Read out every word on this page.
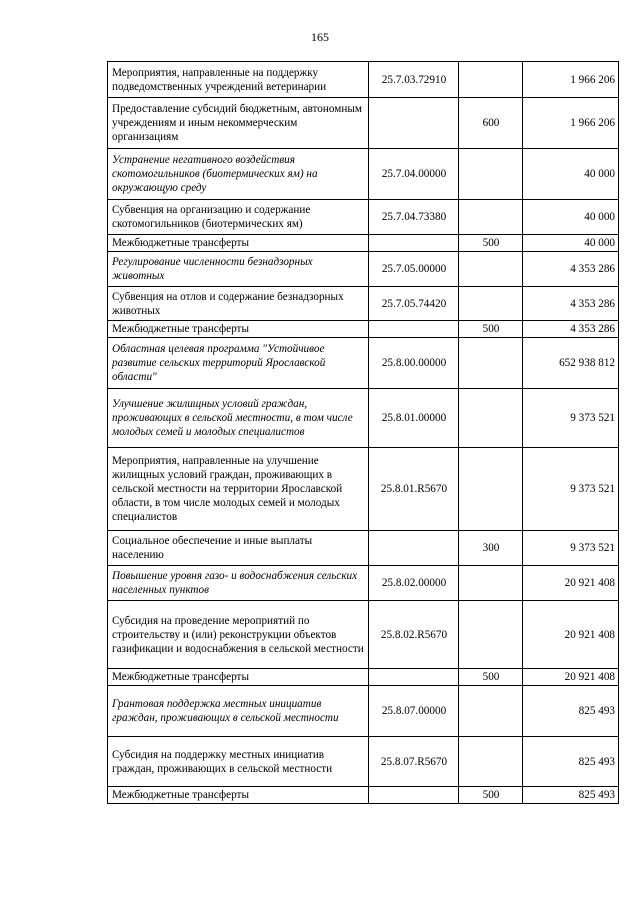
165
Мероприятия, направленные на поддержку подведомственных учреждений ветеринарии	25.7.03.72910		1 966 206
Предоставление субсидий бюджетным, автономным учреждениям и иным некоммерческим организациям		600	1 966 206
Устранение негативного воздействия скотомогильников (биотермических ям) на окружающую среду	25.7.04.00000		40 000
Субвенция на организацию и содержание скотомогильников (биотермических ям)	25.7.04.73380		40 000
Межбюджетные трансферты		500	40 000
Регулирование численности безнадзорных животных	25.7.05.00000		4 353 286
Субвенция на отлов и содержание безнадзорных животных	25.7.05.74420		4 353 286
Межбюджетные трансферты		500	4 353 286
Областная целевая программа "Устойчивое развитие сельских территорий Ярославской области"	25.8.00.00000		652 938 812
Улучшение жилищных условий граждан, проживающих в сельской местности, в том числе молодых семей и молодых специалистов	25.8.01.00000		9 373 521
Мероприятия, направленные на улучшение жилищных условий граждан, проживающих в сельской местности на территории Ярославской области, в том числе молодых семей и молодых специалистов	25.8.01.R5670		9 373 521
Социальное обеспечение и иные выплаты населению		300	9 373 521
Повышение уровня газо- и водоснабжения сельских населенных пунктов	25.8.02.00000		20 921 408
Субсидия на проведение мероприятий по строительству и (или) реконструкции объектов газификации и водоснабжения в сельской местности	25.8.02.R5670		20 921 408
Межбюджетные трансферты		500	20 921 408
Грантовая поддержка местных инициатив граждан, проживающих в сельской местности	25.8.07.00000		825 493
Субсидия на поддержку местных инициатив граждан, проживающих в сельской местности	25.8.07.R5670		825 493
Межбюджетные трансферты		500	825 493
